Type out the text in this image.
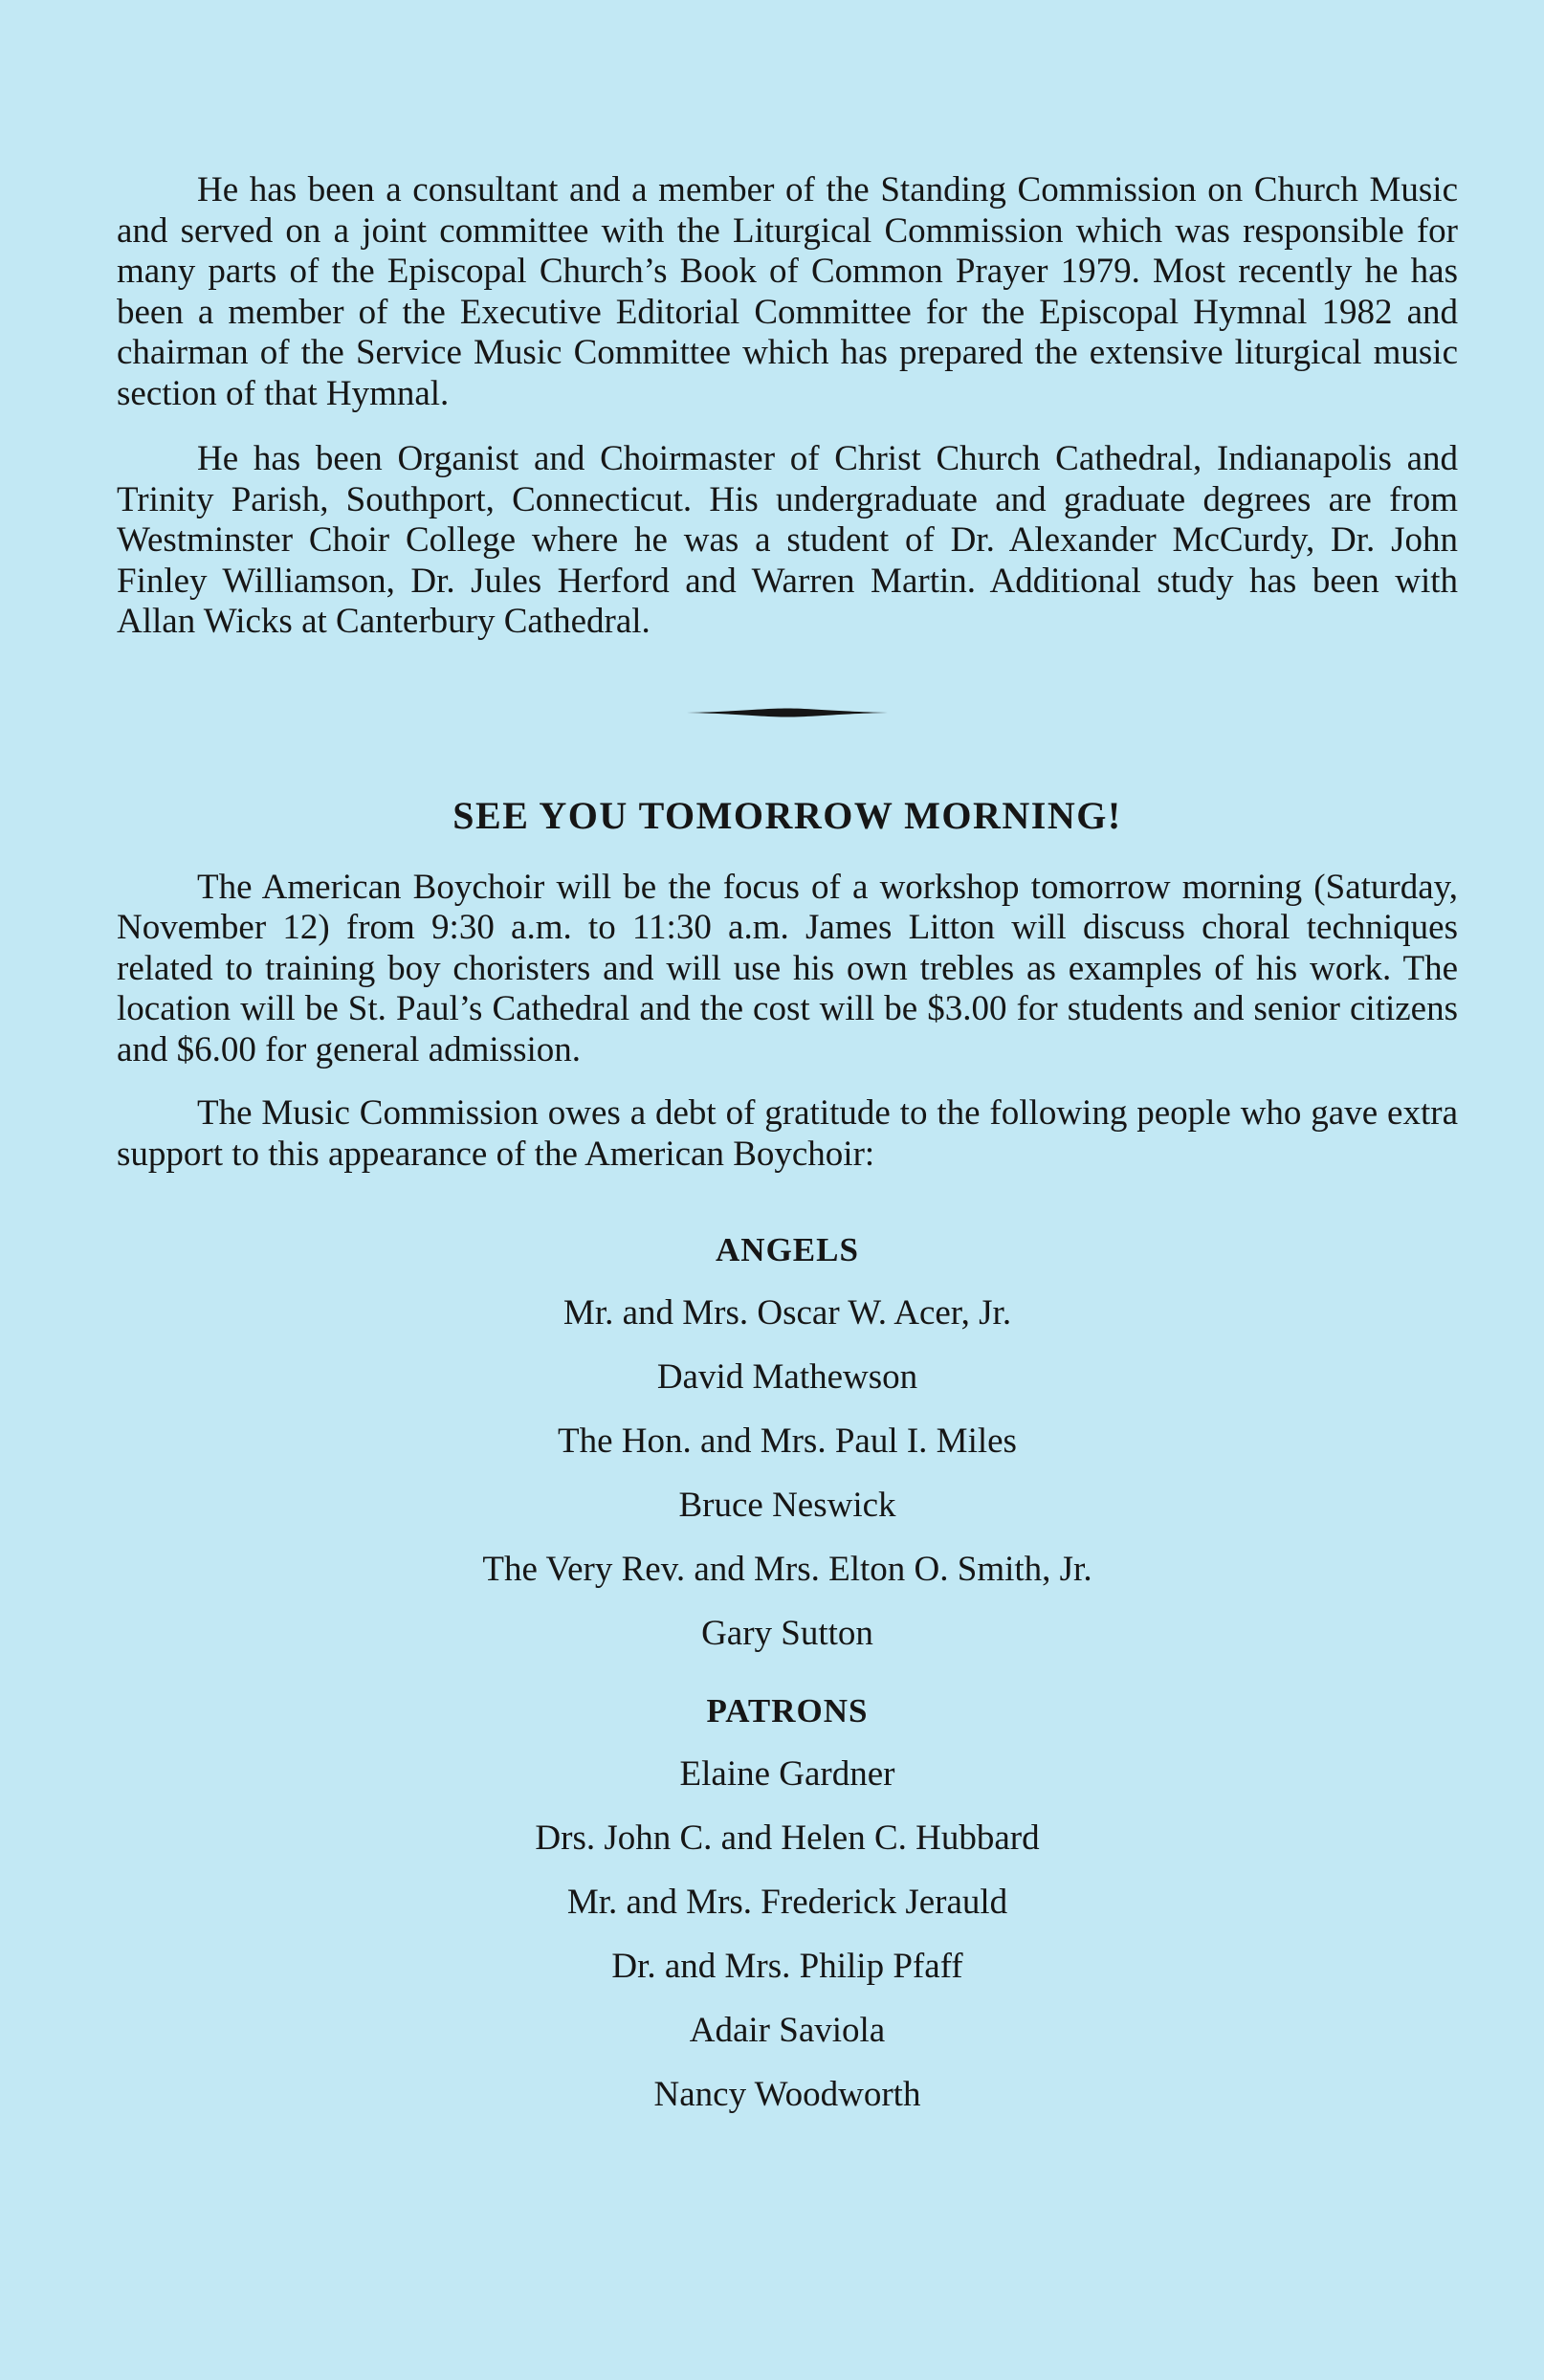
He has been a consultant and a member of the Standing Commission on Church Music and served on a joint committee with the Liturgical Commission which was responsible for many parts of the Episcopal Church’s Book of Common Prayer 1979. Most recently he has been a member of the Executive Editorial Committee for the Episcopal Hymnal 1982 and chairman of the Service Music Committee which has prepared the extensive liturgical music section of that Hymnal.

He has been Organist and Choirmaster of Christ Church Cathedral, Indianapolis and Trinity Parish, Southport, Connecticut. His undergraduate and graduate degrees are from Westminster Choir College where he was a student of Dr. Alexander McCurdy, Dr. John Finley Williamson, Dr. Jules Herford and Warren Martin. Additional study has been with Allan Wicks at Canterbury Cathedral.

SEE YOU TOMORROW MORNING!

The American Boychoir will be the focus of a workshop tomorrow morning (Saturday, November 12) from 9:30 a.m. to 11:30 a.m. James Litton will discuss choral techniques related to training boy choristers and will use his own trebles as examples of his work. The location will be St. Paul’s Cathedral and the cost will be $3.00 for students and senior citizens and $6.00 for general admission.

The Music Commission owes a debt of gratitude to the following people who gave extra support to this appearance of the American Boychoir:

ANGELS
Mr. and Mrs. Oscar W. Acer, Jr.
David Mathewson
The Hon. and Mrs. Paul I. Miles
Bruce Neswick
The Very Rev. and Mrs. Elton O. Smith, Jr.
Gary Sutton
PATRONS
Elaine Gardner
Drs. John C. and Helen C. Hubbard
Mr. and Mrs. Frederick Jerauld
Dr. and Mrs. Philip Pfaff
Adair Saviola
Nancy Woodworth
